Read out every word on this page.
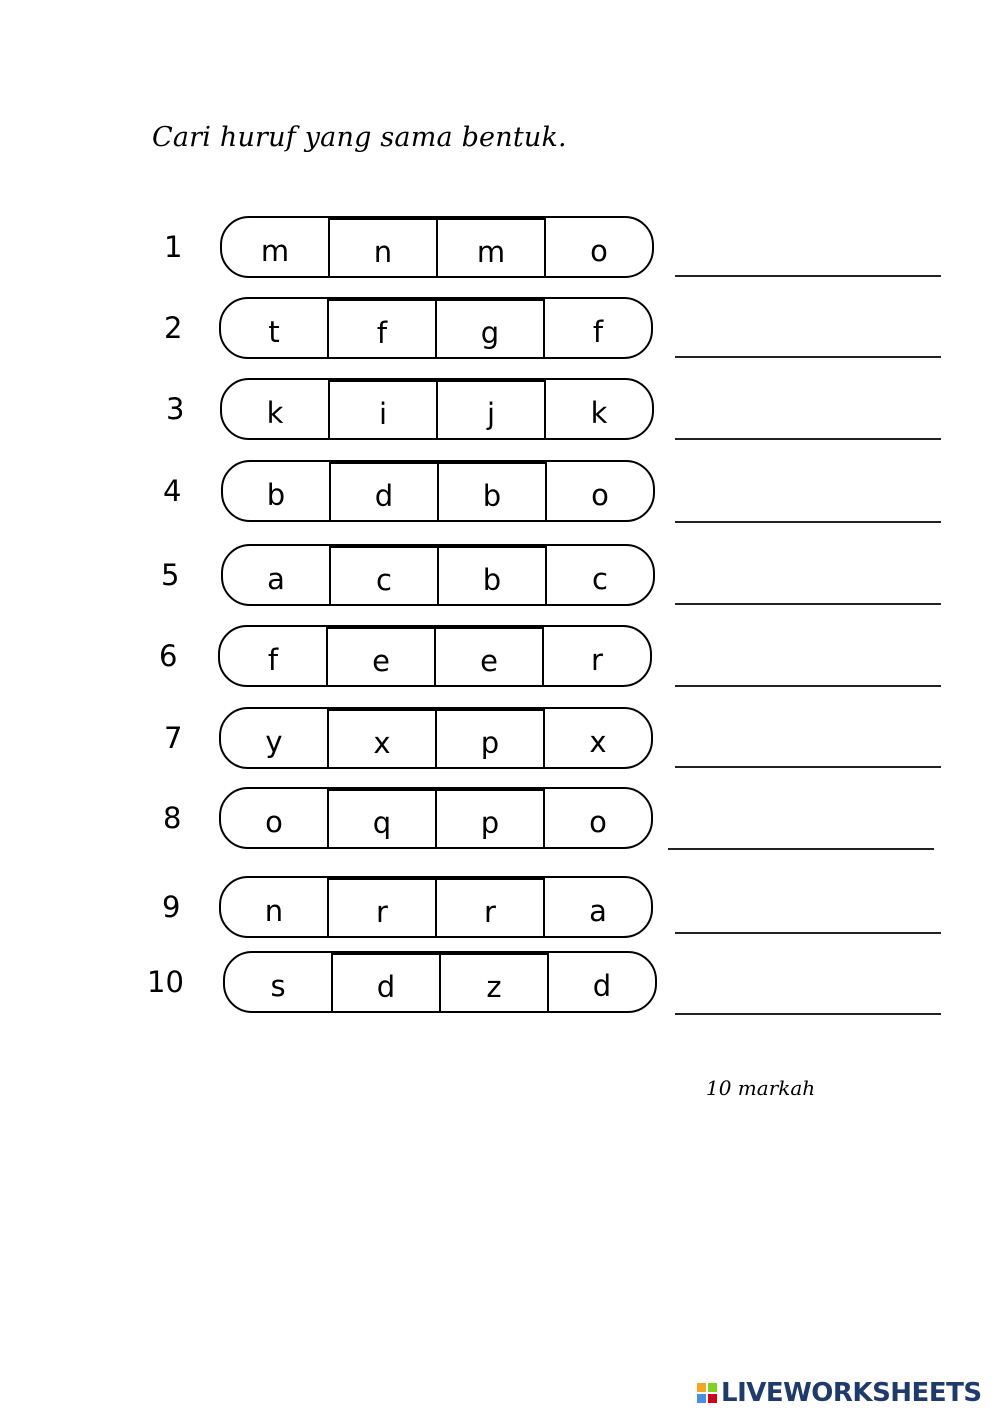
Cari huruf yang sama bentuk.
1	m	n	m	o
2	t	f	g	f
3	k	i	j	k
4	b	d	b	o
5	a	c	b	c
6	f	e	e	r
7	y	x	p	x
8	o	q	p	o
9	n	r	r	a
10	s	d	z	d
10 markah
LIVEWORKSHEETS
